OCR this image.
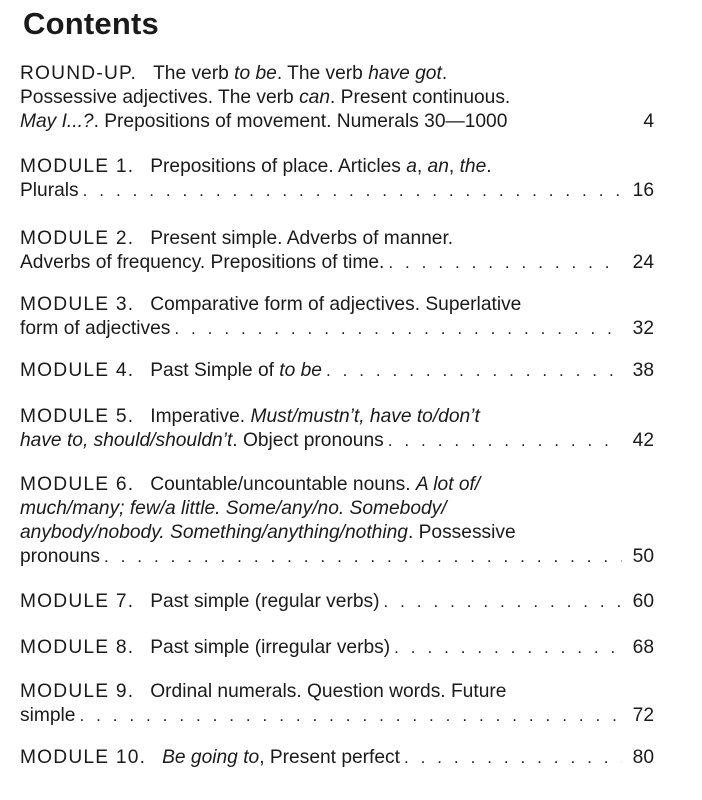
Contents
ROUND-UP. The verb to be. The verb have got.
Possessive adjectives. The verb can. Present continuous.
May I...?. Prepositions of movement. Numerals 30—1000	4
MODULE 1. Prepositions of place. Articles a, an, the.
Plurals . . .	16
MODULE 2. Present simple. Adverbs of manner.
Adverbs of frequency. Prepositions of time. . . .	24
MODULE 3. Comparative form of adjectives. Superlative
form of adjectives . . .	32
MODULE 4. Past Simple of to be . . .	38
MODULE 5. Imperative. Must/mustn’t, have to/don’t
have to, should/shouldn’t. Object pronouns . . .	42
MODULE 6. Countable/uncountable nouns. A lot of/
much/many; few/a little. Some/any/no. Somebody/
anybody/nobody. Something/anything/nothing. Possessive
pronouns . . .	50
MODULE 7. Past simple (regular verbs) . . .	60
MODULE 8. Past simple (irregular verbs) . . .	68
MODULE 9. Ordinal numerals. Question words. Future
simple . . .	72
MODULE 10. Be going to, Present perfect . . .	80
